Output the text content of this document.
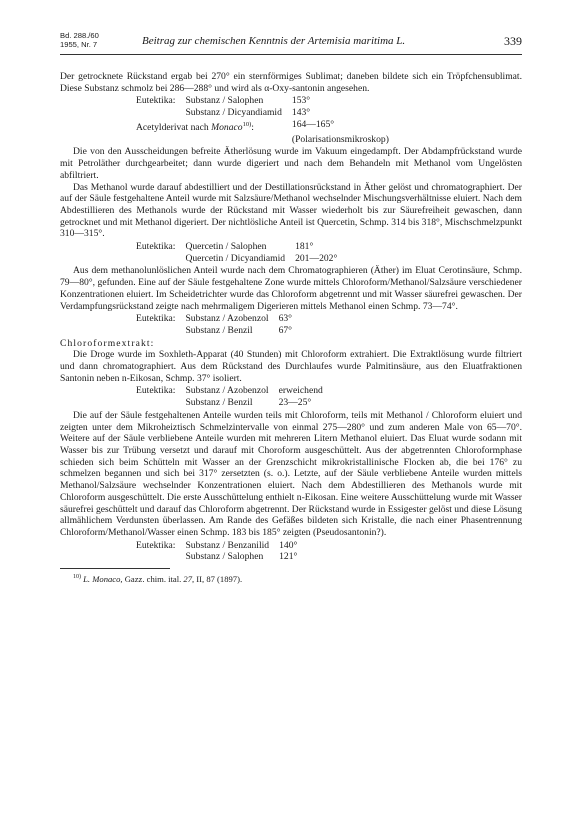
Bd. 288./60
1955, Nr. 7	Beitrag zur chemischen Kenntnis der Artemisia maritima L.	339

Der getrocknete Rückstand ergab bei 270° ein sternförmiges Sublimat; daneben bildete sich ein Tröpfchensublimat. Diese Substanz schmolz bei 286—288° und wird als α-Oxy-santonin angesehen.

Eutektika:	Substanz / Salophen	153°
	Substanz / Dicyandiamid	143°
Acetylderivat nach Monaco$^{10)}$:		164—165°
		(Polarisationsmikroskop)

Die von den Ausscheidungen befreite Ätherlösung wurde im Vakuum eingedampft. Der Abdampfrückstand wurde mit Petroläther durchgearbeitet; dann wurde digeriert und nach dem Behandeln mit Methanol vom Ungelösten abfiltriert.

Das Methanol wurde darauf abdestilliert und der Destillationsrückstand in Äther gelöst und chromatographiert. Der auf der Säule festgehaltene Anteil wurde mit Salzsäure/Methanol wechselnder Mischungsverhältnisse eluiert. Nach dem Abdestillieren des Methanols wurde der Rückstand mit Wasser wiederholt bis zur Säurefreiheit gewaschen, dann getrocknet und mit Methanol digeriert. Der nichtlösliche Anteil ist Quercetin, Schmp. 314 bis 318°, Mischschmelzpunkt 310—315°.

Eutektika:	Quercetin / Salophen	181°
	Quercetin / Dicyandiamid	201—202°

Aus dem methanolunlöslichen Anteil wurde nach dem Chromatographieren (Äther) im Eluat Cerotinsäure, Schmp. 79—80°, gefunden. Eine auf der Säule festgehaltene Zone wurde mittels Chloroform/Methanol/Salzsäure verschiedener Konzentrationen eluiert. Im Scheidetrichter wurde das Chloroform abgetrennt und mit Wasser säurefrei gewaschen. Der Verdampfungsrückstand zeigte nach mehrmaligem Digerieren mittels Methanol einen Schmp. 73—74°.

Eutektika:	Substanz / Azobenzol	63°
	Substanz / Benzil	67°

Chloroformextrakt:

Die Droge wurde im Soxhleth-Apparat (40 Stunden) mit Chloroform extrahiert. Die Extraktlösung wurde filtriert und dann chromatographiert. Aus dem Rückstand des Durchlaufes wurde Palmitinsäure, aus den Eluatfraktionen Santonin neben n-Eikosan, Schmp. 37° isoliert.

Eutektika:	Substanz / Azobenzol	erweichend
	Substanz / Benzil	23—25°

Die auf der Säule festgehaltenen Anteile wurden teils mit Chloroform, teils mit Methanol / Chloroform eluiert und zeigten unter dem Mikroheiztisch Schmelzintervalle von einmal 275—280° und zum anderen Male von 65—70°. Weitere auf der Säule verbliebene Anteile wurden mit mehreren Litern Methanol eluiert. Das Eluat wurde sodann mit Wasser bis zur Trübung versetzt und darauf mit Choroform ausgeschüttelt. Aus der abgetrennten Chloroformphase schieden sich beim Schütteln mit Wasser an der Grenzschicht mikrokristallinische Flocken ab, die bei 176° zu schmelzen begannen und sich bei 317° zersetzten (s. o.). Letzte, auf der Säule verbliebene Anteile wurden mittels Methanol/Salzsäure wechselnder Konzentrationen eluiert. Nach dem Abdestillieren des Methanols wurde mit Chloroform ausgeschüttelt. Die erste Ausschüttelung enthielt n-Eikosan. Eine weitere Ausschüttelung wurde mit Wasser säurefrei geschüttelt und darauf das Chloroform abgetrennt. Der Rückstand wurde in Essigester gelöst und diese Lösung allmählichem Verdunsten überlassen. Am Rande des Gefäßes bildeten sich Kristalle, die nach einer Phasentrennung Chloroform/Methanol/Wasser einen Schmp. 183 bis 185° zeigten (Pseudosantonin?).

Eutektika:	Substanz / Benzanilid	140°
	Substanz / Salophen	121°
$^{10)}$ L. Monaco, Gazz. chim. ital. 27, II, 87 (1897).
